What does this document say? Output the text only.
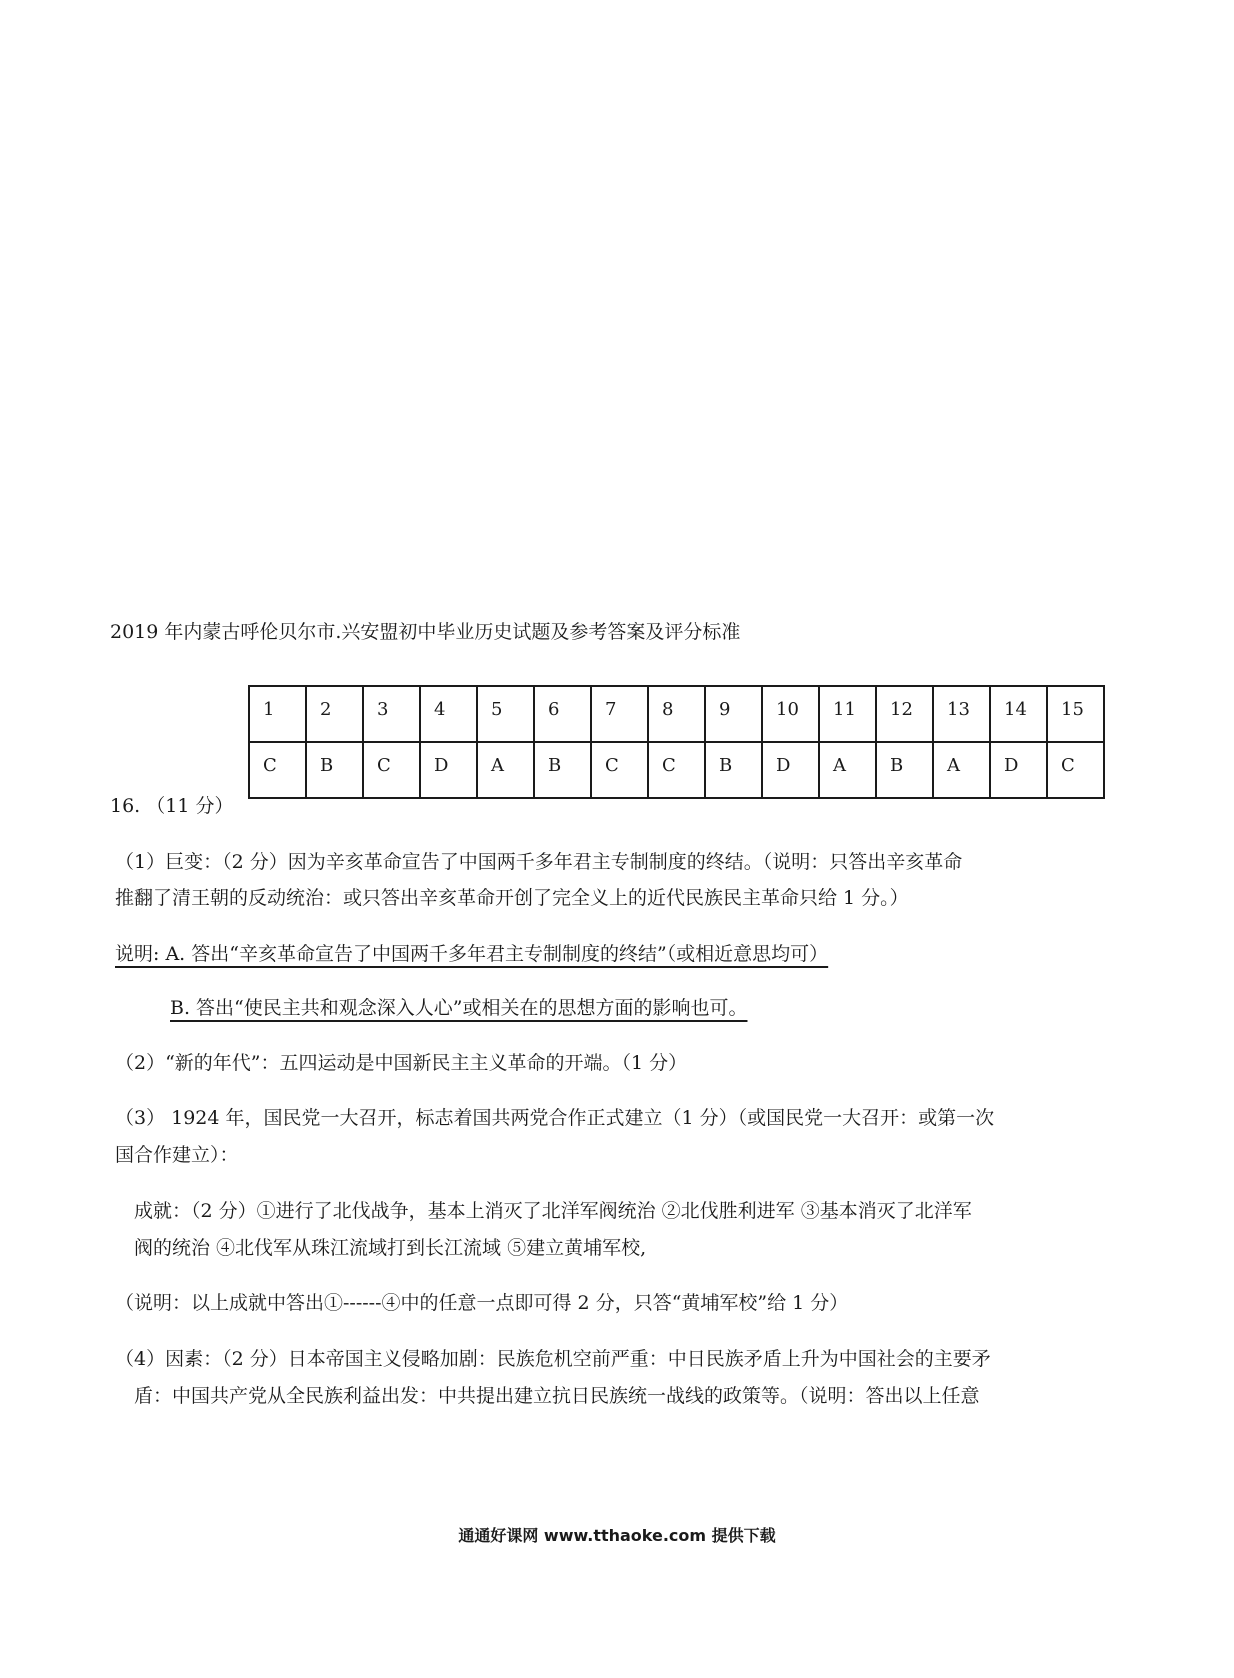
2019 年内蒙古呼伦贝尔市.兴安盟初中毕业历史试题及参考答案及评分标准
1	2	3	4	5	6	7	8	9	10	11	12	13	14	15
C	B	C	D	A	B	C	C	B	D	A	B	A	D	C
16. （11 分）
（1）巨变：（2 分）因为辛亥革命宣告了中国两千多年君主专制制度的终结。（说明：只答出辛亥革命
推翻了清王朝的反动统治：或只答出辛亥革命开创了完全义上的近代民族民主革命只给 1 分。）
说明: A. 答出“辛亥革命宣告了中国两千多年君主专制制度的终结”（或相近意思均可）
B. 答出“使民主共和观念深入人心”或相关在的思想方面的影响也可。
（2）“新的年代”：五四运动是中国新民主主义革命的开端。（1 分）
（3） 1924 年，国民党一大召开，标志着国共两党合作正式建立（1 分）（或国民党一大召开：或第一次
国合作建立）：
成就：（2 分）①进行了北伐战争，基本上消灭了北洋军阀统治 ②北伐胜利进军 ③基本消灭了北洋军
阀的统治 ④北伐军从珠江流域打到长江流域 ⑤建立黄埔军校,
（说明：以上成就中答出①------④中的任意一点即可得 2 分，只答“黄埔军校”给 1 分）
（4）因素：（2 分）日本帝国主义侵略加剧：民族危机空前严重：中日民族矛盾上升为中国社会的主要矛
盾：中国共产党从全民族利益出发：中共提出建立抗日民族统一战线的政策等。（说明：答出以上任意
通通好课网 www.tthaoke.com 提供下载
